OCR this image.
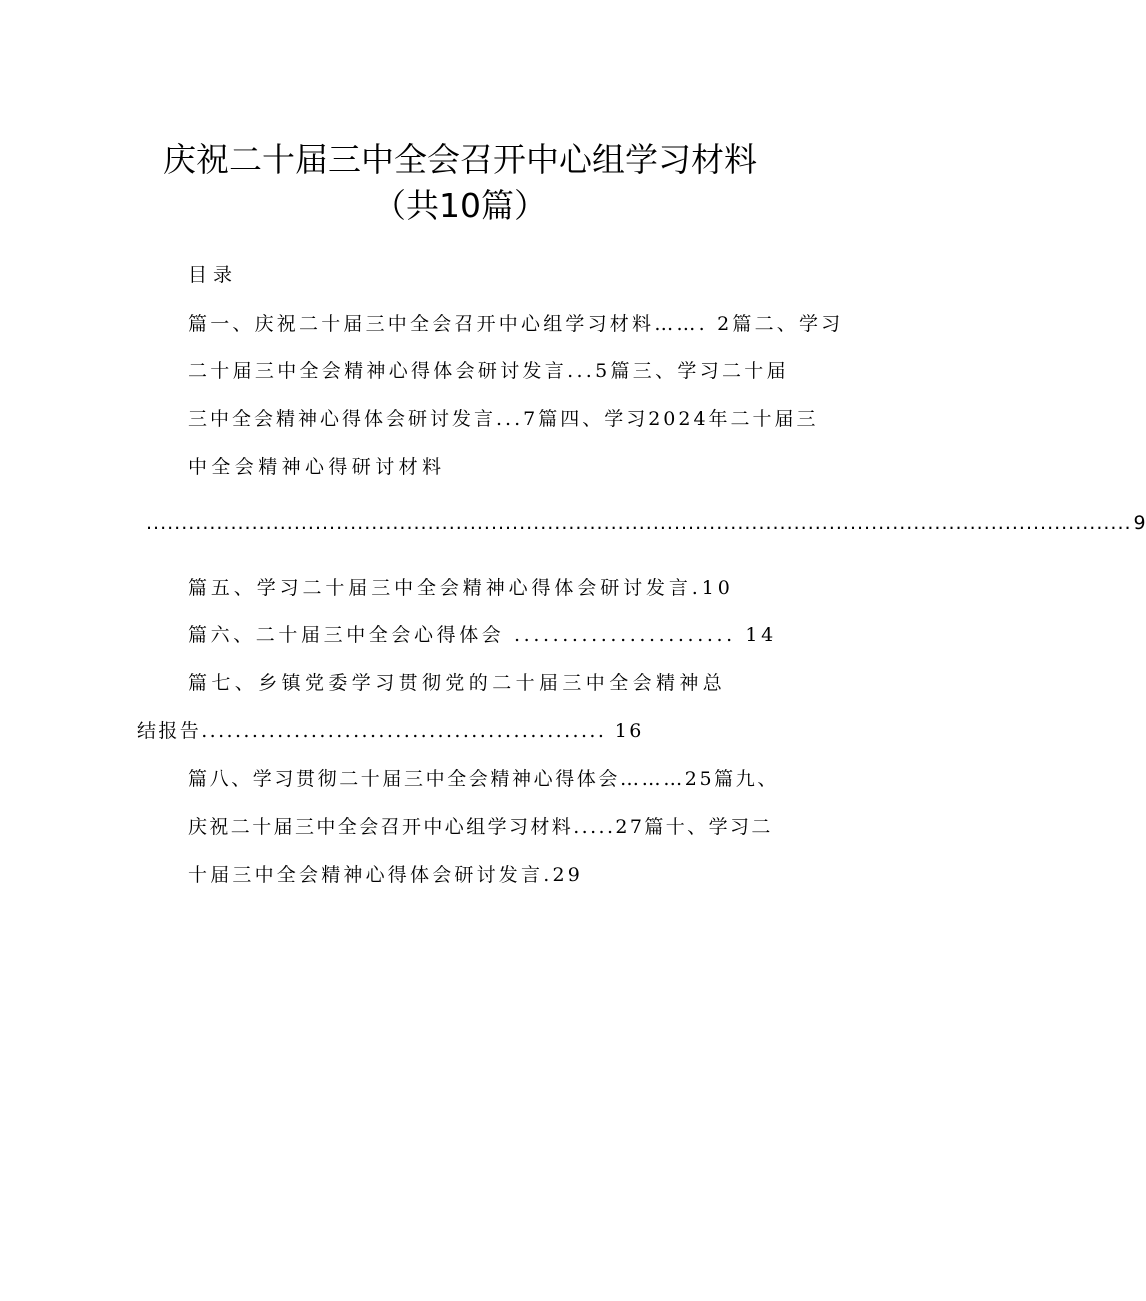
庆祝二十届三中全会召开中心组学习材料
（共10篇）
目录
篇一、庆祝二十届三中全会召开中心组学习材料……. 2篇二、学习
二十届三中全会精神心得体会研讨发言...5篇三、学习二十届
三中全会精神心得体会研讨发言...7篇四、学习2024年二十届三
中全会精神心得研讨材料
............................................................................................................................................ 9
篇五、学习二十届三中全会精神心得体会研讨发言.10
篇六、二十届三中全会心得体会 ....................... 14
篇七、乡镇党委学习贯彻党的二十届三中全会精神总
结报告................................................ 16
篇八、学习贯彻二十届三中全会精神心得体会………25篇九、
庆祝二十届三中全会召开中心组学习材料.....27篇十、学习二
十届三中全会精神心得体会研讨发言.29
